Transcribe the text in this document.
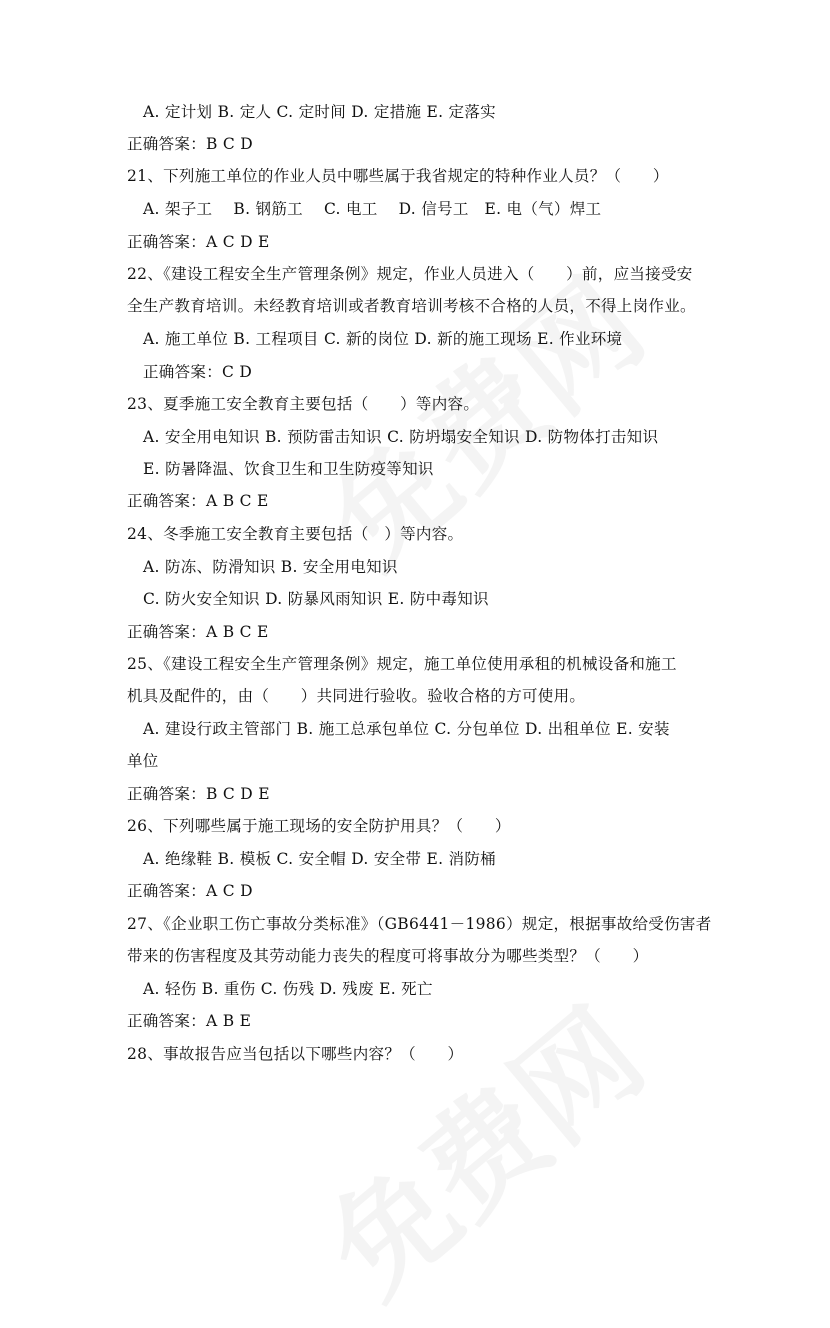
A. 定计划 B. 定人 C. 定时间 D. 定措施 E. 定落实
正确答案：B C D
21、下列施工单位的作业人员中哪些属于我省规定的特种作业人员？（　　）
A. 架子工　 B. 钢筋工　 C. 电工　 D. 信号工　E. 电（气）焊工
正确答案：A C D E
22、《建设工程安全生产管理条例》规定，作业人员进入（　　）前，应当接受安
全生产教育培训。未经教育培训或者教育培训考核不合格的人员，不得上岗作业。
A. 施工单位 B. 工程项目 C. 新的岗位 D. 新的施工现场 E. 作业环境
正确答案：C D
23、夏季施工安全教育主要包括（　　）等内容。
A. 安全用电知识 B. 预防雷击知识 C. 防坍塌安全知识 D. 防物体打击知识
E. 防暑降温、饮食卫生和卫生防疫等知识
正确答案：A B C E
24、冬季施工安全教育主要包括（　）等内容。
A. 防冻、防滑知识 B. 安全用电知识
C. 防火安全知识 D. 防暴风雨知识 E. 防中毒知识
正确答案：A B C E
25、《建设工程安全生产管理条例》规定，施工单位使用承租的机械设备和施工
机具及配件的，由（　　）共同进行验收。验收合格的方可使用。
A. 建设行政主管部门 B. 施工总承包单位 C. 分包单位 D. 出租单位 E. 安装
单位
正确答案：B C D E
26、下列哪些属于施工现场的安全防护用具？（　　）
A. 绝缘鞋 B. 模板 C. 安全帽 D. 安全带 E. 消防桶
正确答案：A C D
27、《企业职工伤亡事故分类标准》（GB6441－1986）规定，根据事故给受伤害者
带来的伤害程度及其劳动能力丧失的程度可将事故分为哪些类型？（　　）
A. 轻伤 B. 重伤 C. 伤残 D. 残废 E. 死亡
正确答案：A B E
28、事故报告应当包括以下哪些内容？（　　）
